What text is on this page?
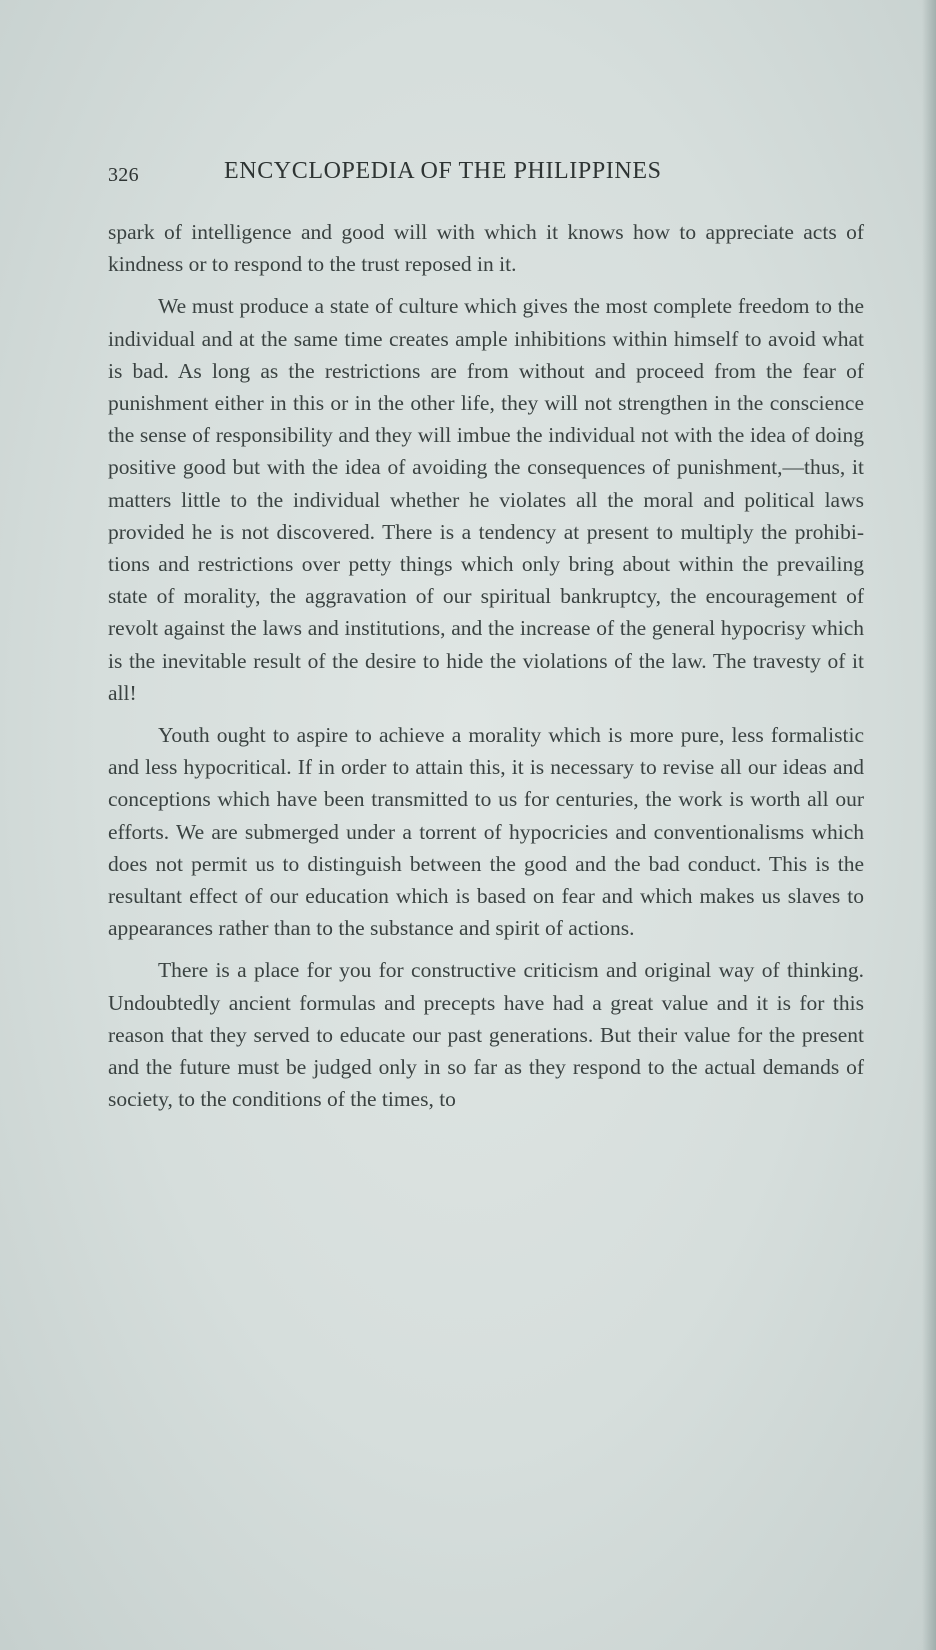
326	ENCYCLOPEDIA OF THE PHILIPPINES

spark of intelligence and good will with which it knows how to appreciate acts of kindness or to respond to the trust reposed in it.

We must produce a state of culture which gives the most complete freedom to the individual and at the same time creates ample inhibitions within himself to avoid what is bad. As long as the restrictions are from without and proceed from the fear of punishment either in this or in the other life, they will not strengthen in the conscience the sense of responsibility and they will imbue the individual not with the idea of doing positive good but with the idea of avoiding the consequences of punishment,—thus, it matters little to the individual whether he violates all the moral and political laws provided he is not discovered. There is a tendency at present to multiply the prohibitions and restrictions over petty things which only bring about within the prevailing state of morality, the aggravation of our spiritual bankruptcy, the encouragement of revolt against the laws and institutions, and the increase of the general hypocrisy which is the inevitable result of the desire to hide the violations of the law. The travesty of it all!

Youth ought to aspire to achieve a morality which is more pure, less formalistic and less hypocritical. If in order to attain this, it is necessary to revise all our ideas and conceptions which have been transmitted to us for centuries, the work is worth all our efforts. We are submerged under a torrent of hypocricies and conventionalisms which does not permit us to distinguish between the good and the bad conduct. This is the resultant effect of our education which is based on fear and which makes us slaves to appearances rather than to the substance and spirit of actions.

There is a place for you for constructive criticism and original way of thinking. Undoubtedly ancient formulas and precepts have had a great value and it is for this reason that they served to educate our past generations. But their value for the present and the future must be judged only in so far as they respond to the actual demands of society, to the conditions of the times, to
